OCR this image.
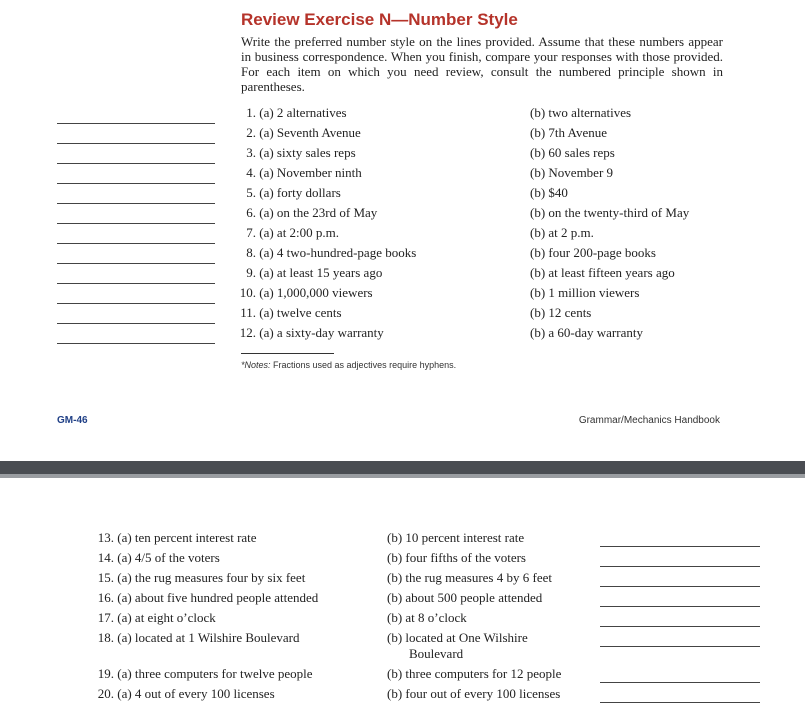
Review Exercise N—Number Style
Write the preferred number style on the lines provided. Assume that these numbers appear in business correspondence. When you finish, compare your responses with those provided. For each item on which you need review, consult the numbered principle shown in parentheses.
1. (a) 2 alternatives	(b) two alternatives
2. (a) Seventh Avenue	(b) 7th Avenue
3. (a) sixty sales reps	(b) 60 sales reps
4. (a) November ninth	(b) November 9
5. (a) forty dollars	(b) $40
6. (a) on the 23rd of May	(b) on the twenty-third of May
7. (a) at 2:00 p.m.	(b) at 2 p.m.
8. (a) 4 two-hundred-page books	(b) four 200-page books
9. (a) at least 15 years ago	(b) at least fifteen years ago
10. (a) 1,000,000 viewers	(b) 1 million viewers
11. (a) twelve cents	(b) 12 cents
12. (a) a sixty-day warranty	(b) a 60-day warranty
*Notes: Fractions used as adjectives require hyphens.
GM-46	Grammar/Mechanics Handbook
13. (a) ten percent interest rate	(b) 10 percent interest rate
14. (a) 4/5 of the voters	(b) four fifths of the voters
15. (a) the rug measures four by six feet	(b) the rug measures 4 by 6 feet
16. (a) about five hundred people attended	(b) about 500 people attended
17. (a) at eight o’clock	(b) at 8 o’clock
18. (a) located at 1 Wilshire Boulevard	(b) located at One Wilshire
Boulevard
19. (a) three computers for twelve people	(b) three computers for 12 people
20. (a) 4 out of every 100 licenses	(b) four out of every 100 licenses
